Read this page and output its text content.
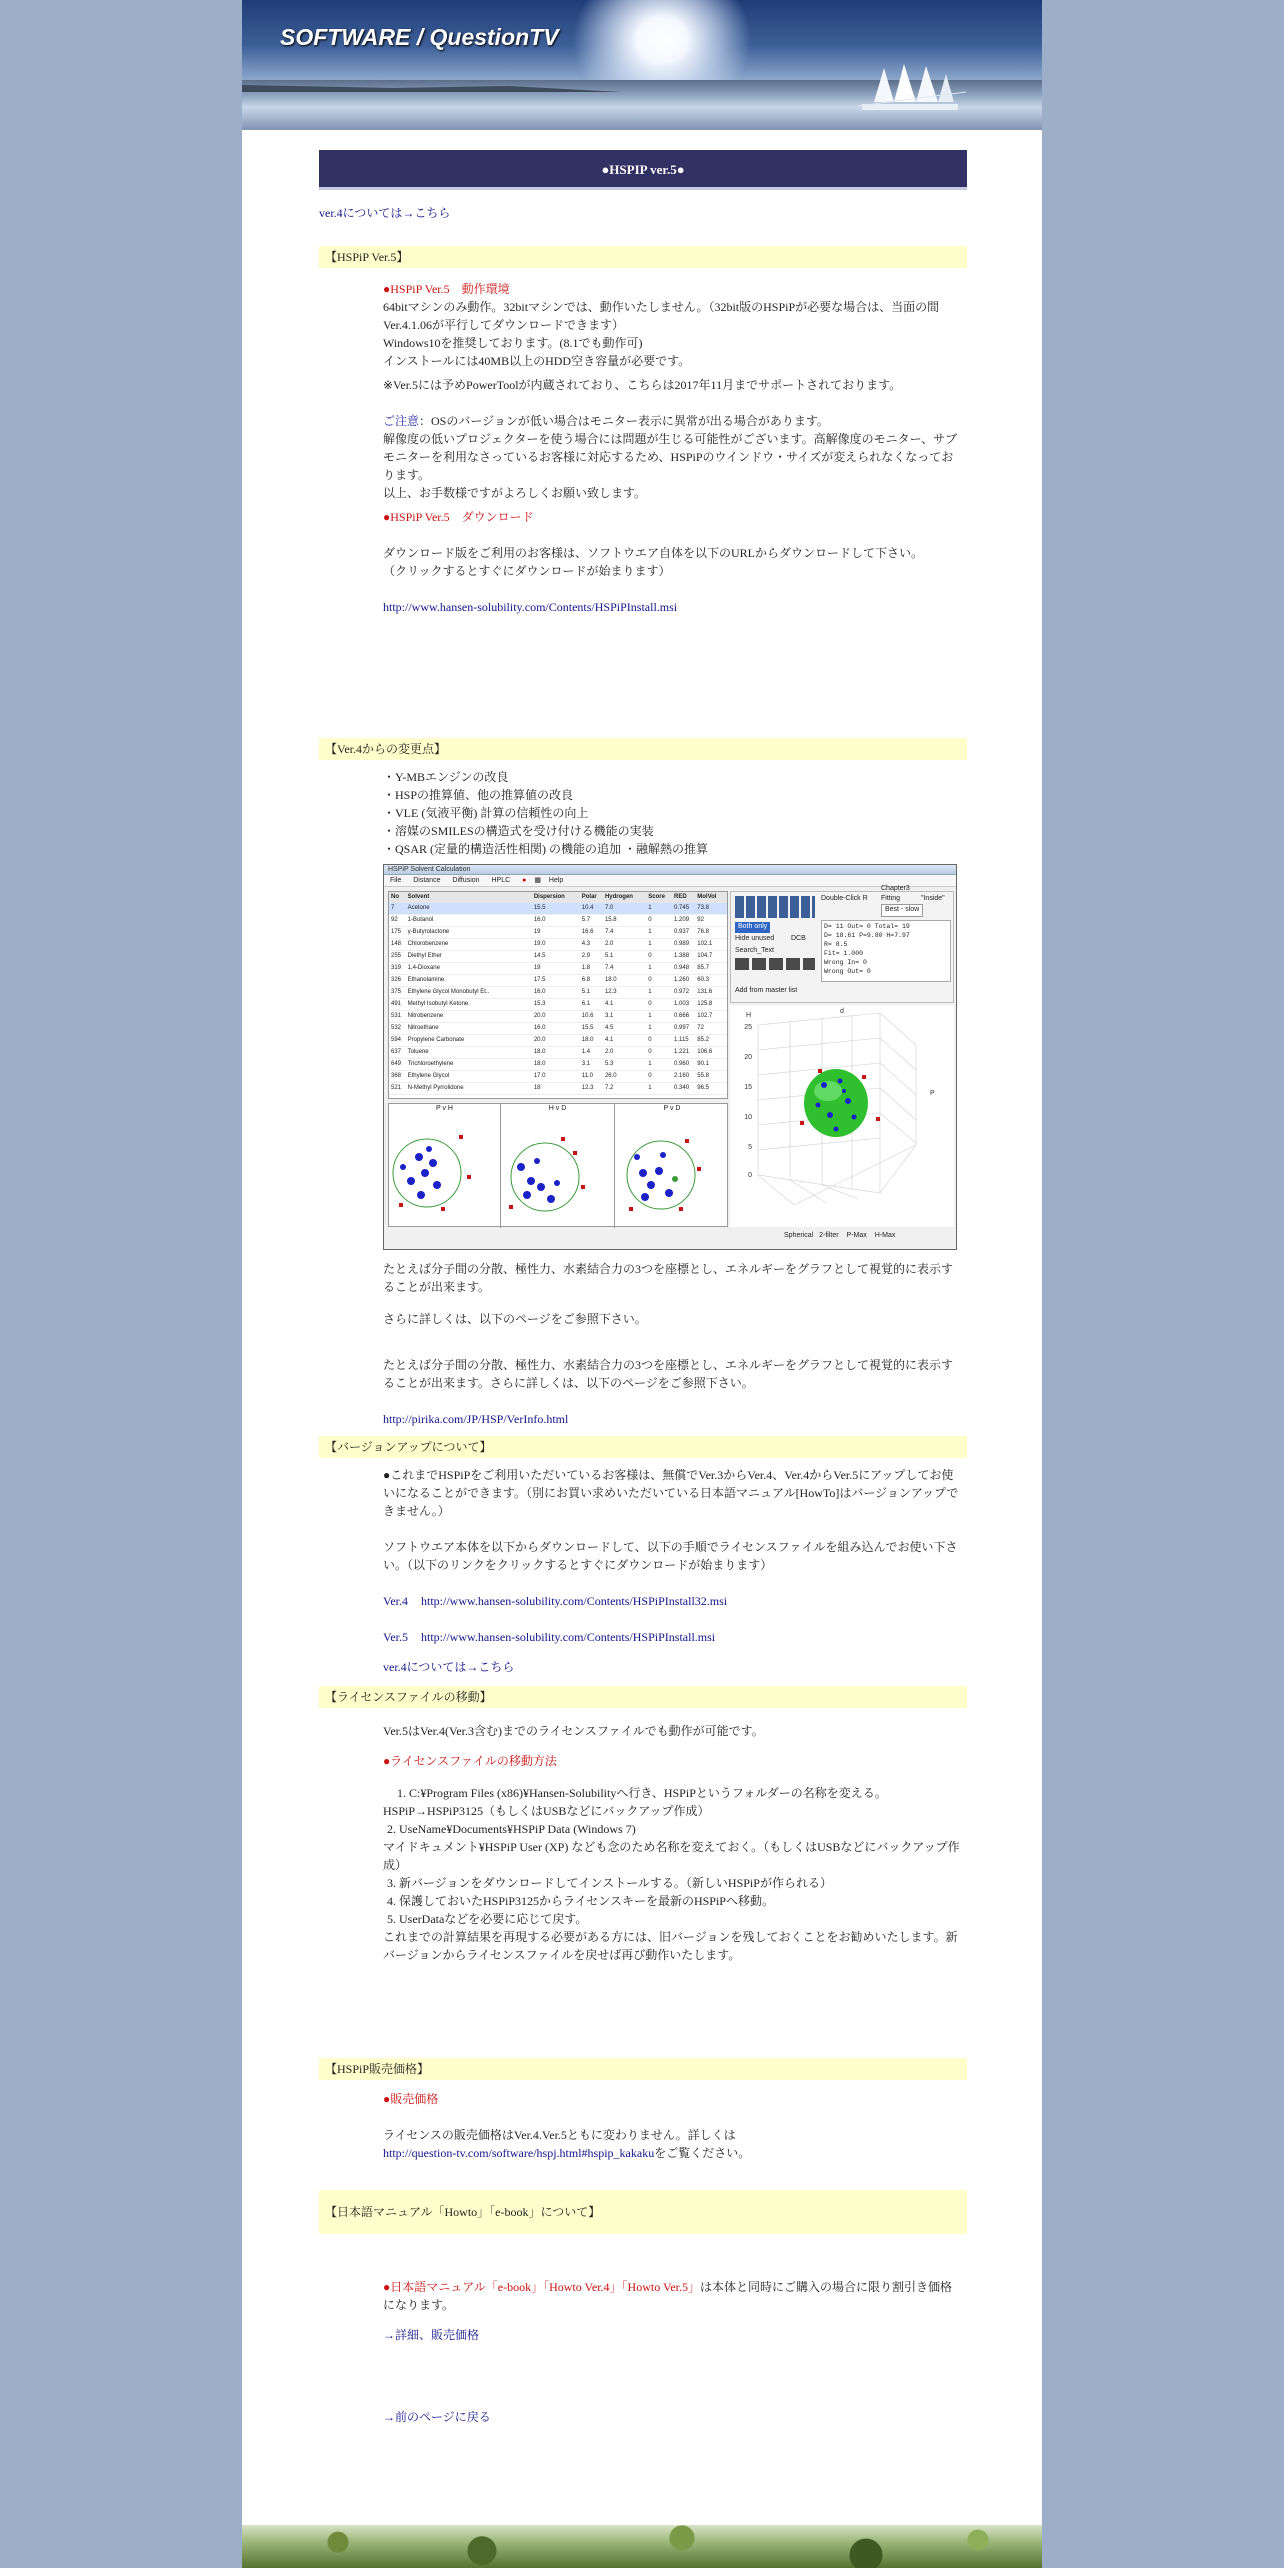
SOFTWARE / QuestionTV
●HSPIP ver.5●
ver.4については→こちら
【HSPiP Ver.5】
●HSPiP Ver.5　動作環境
64bitマシンのみ動作。32bitマシンでは、動作いたしません。（32bit版のHSPiPが必要な場合は、当面の間Ver.4.1.06が平行してダウンロードできます）
Windows10を推奨しております。(8.1でも動作可)
インストールには40MB以上のHDD空き容量が必要です。
※Ver.5には予めPowerToolが内蔵されており、こちらは2017年11月までサポートされております。
ご注意：OSのバージョンが低い場合はモニター表示に異常が出る場合があります。
解像度の低いプロジェクターを使う場合には問題が生じる可能性がございます。高解像度のモニター、サブモニターを利用なさっているお客様に対応するため、HSPiPのウインドウ・サイズが変えられなくなっております。
以上、お手数様ですがよろしくお願い致します。
●HSPiP Ver.5　ダウンロード
ダウンロード版をご利用のお客様は、ソフトウエア自体を以下のURLからダウンロードして下さい。
（クリックするとすぐにダウンロードが始まります）
http://www.hansen-solubility.com/Contents/HSPiPInstall.msi
【Ver.4からの変更点】
・Y-MBエンジンの改良
・HSPの推算値、他の推算値の改良
・VLE (気液平衡) 計算の信頼性の向上
・溶媒のSMILESの構造式を受け付ける機能の実装
・QSAR (定量的構造活性相関) の機能の追加 ・融解熱の推算
HSPiP Solvent Calculation
File Distance Diffusion HPLC ● ▦ Help
No	Solvent	Dispersion	Polar	Hydrogen	Score	RED	MolVol
7	Acetone	15.5	10.4	7.0	1	0.745	73.8
92	1-Butanol	16.0	5.7	15.8	0	1.209	92
175	γ-Butyrolactone	19	16.6	7.4	1	0.937	76.8
148	Chlorobenzene	19.0	4.3	2.0	1	0.989	102.1
255	Diethyl Ether	14.5	2.9	5.1	0	1.388	104.7
319	1,4-Dioxane	19	1.8	7.4	1	0.948	85.7
326	Ethanolamine	17.5	6.8	18.0	0	1.260	60.3
375	Ethylene Glycol Monobutyl Et..	16.0	5.1	12.3	1	0.972	131.6
491	Methyl Isobutyl Ketone	15.3	6.1	4.1	0	1.003	125.8
531	Nitrobenzene	20.0	10.6	3.1	1	0.666	102.7
532	Nitroethane	16.0	15.5	4.5	1	0.997	72
594	Propylene Carbonate	20.0	18.0	4.1	0	1.115	85.2
637	Toluene	18.0	1.4	2.0	0	1.221	106.6
649	Trichloroethylene	18.0	3.1	5.3	1	0.960	90.1
368	Ethylene Glycol	17.0	11.0	26.0	0	2.160	55.8
521	N-Methyl Pyrrolidone	18	12.3	7.2	1	0.340	96.5
Double-Click R Fitting	"Inside"
Chapter3
Best - slow
Both only
Hide unused DCB
Search_Text
Add from master list
D= 11 Out= 0 Total= 19
D= 18.61 P=9.80 H=7.97
R= 8.5
Fit= 1.000
Wrong In= 0
Wrong Out= 0
25
20
15
10
5
0
H
d
P
P v H	H v D	P v D
Spherical 2-filter P-Max H-Max
たとえば分子間の分散、極性力、水素結合力の3つを座標とし、エネルギーをグラフとして視覚的に表示することが出来ます。
さらに詳しくは、以下のページをご参照下さい。
たとえば分子間の分散、極性力、水素結合力の3つを座標とし、エネルギーをグラフとして視覚的に表示することが出来ます。さらに詳しくは、以下のページをご参照下さい。
http://pirika.com/JP/HSP/VerInfo.html
【バージョンアップについて】
●これまでHSPiPをご利用いただいているお客様は、無償でVer.3からVer.4、Ver.4からVer.5にアップしてお使いになることができます。（別にお買い求めいただいている日本語マニュアル[HowTo]はバージョンアップできません。）
ソフトウエア本体を以下からダウンロードして、以下の手順でライセンスファイルを組み込んでお使い下さい。（以下のリンクをクリックするとすぐにダウンロードが始まります）
Ver.4 http://www.hansen-solubility.com/Contents/HSPiPInstall32.msi
Ver.5 http://www.hansen-solubility.com/Contents/HSPiPInstall.msi
ver.4については→こちら
【ライセンスファイルの移動】
Ver.5はVer.4(Ver.3含む)までのライセンスファイルでも動作が可能です。
●ライセンスファイルの移動方法
1. C:¥Program Files (x86)¥Hansen-Solubilityへ行き、HSPiPというフォルダーの名称を変える。
HSPiP→HSPiP3125（もしくはUSBなどにバックアップ作成）
2. UseName¥Documents¥HSPiP Data (Windows 7)
マイドキュメント¥HSPiP User (XP) なども念のため名称を変えておく。（もしくはUSBなどにバックアップ作成）
3. 新バージョンをダウンロードしてインストールする。（新しいHSPiPが作られる）
4. 保護しておいたHSPiP3125からライセンスキーを最新のHSPiPへ移動。
5. UserDataなどを必要に応じて戻す。
これまでの計算結果を再現する必要がある方には、旧バージョンを残しておくことをお勧めいたします。新バージョンからライセンスファイルを戻せば再び動作いたします。
【HSPiP販売価格】
●販売価格
ライセンスの販売価格はVer.4.Ver.5ともに変わりません。詳しくは
http://question-tv.com/software/hspj.html#hspip_kakakuをご覧ください。
【日本語マニュアル「Howto」「e-book」について】
●日本語マニュアル「e-book」「Howto Ver.4」「Howto Ver.5」は本体と同時にご購入の場合に限り割引き価格になります。
→詳細、販売価格
→前のページに戻る
